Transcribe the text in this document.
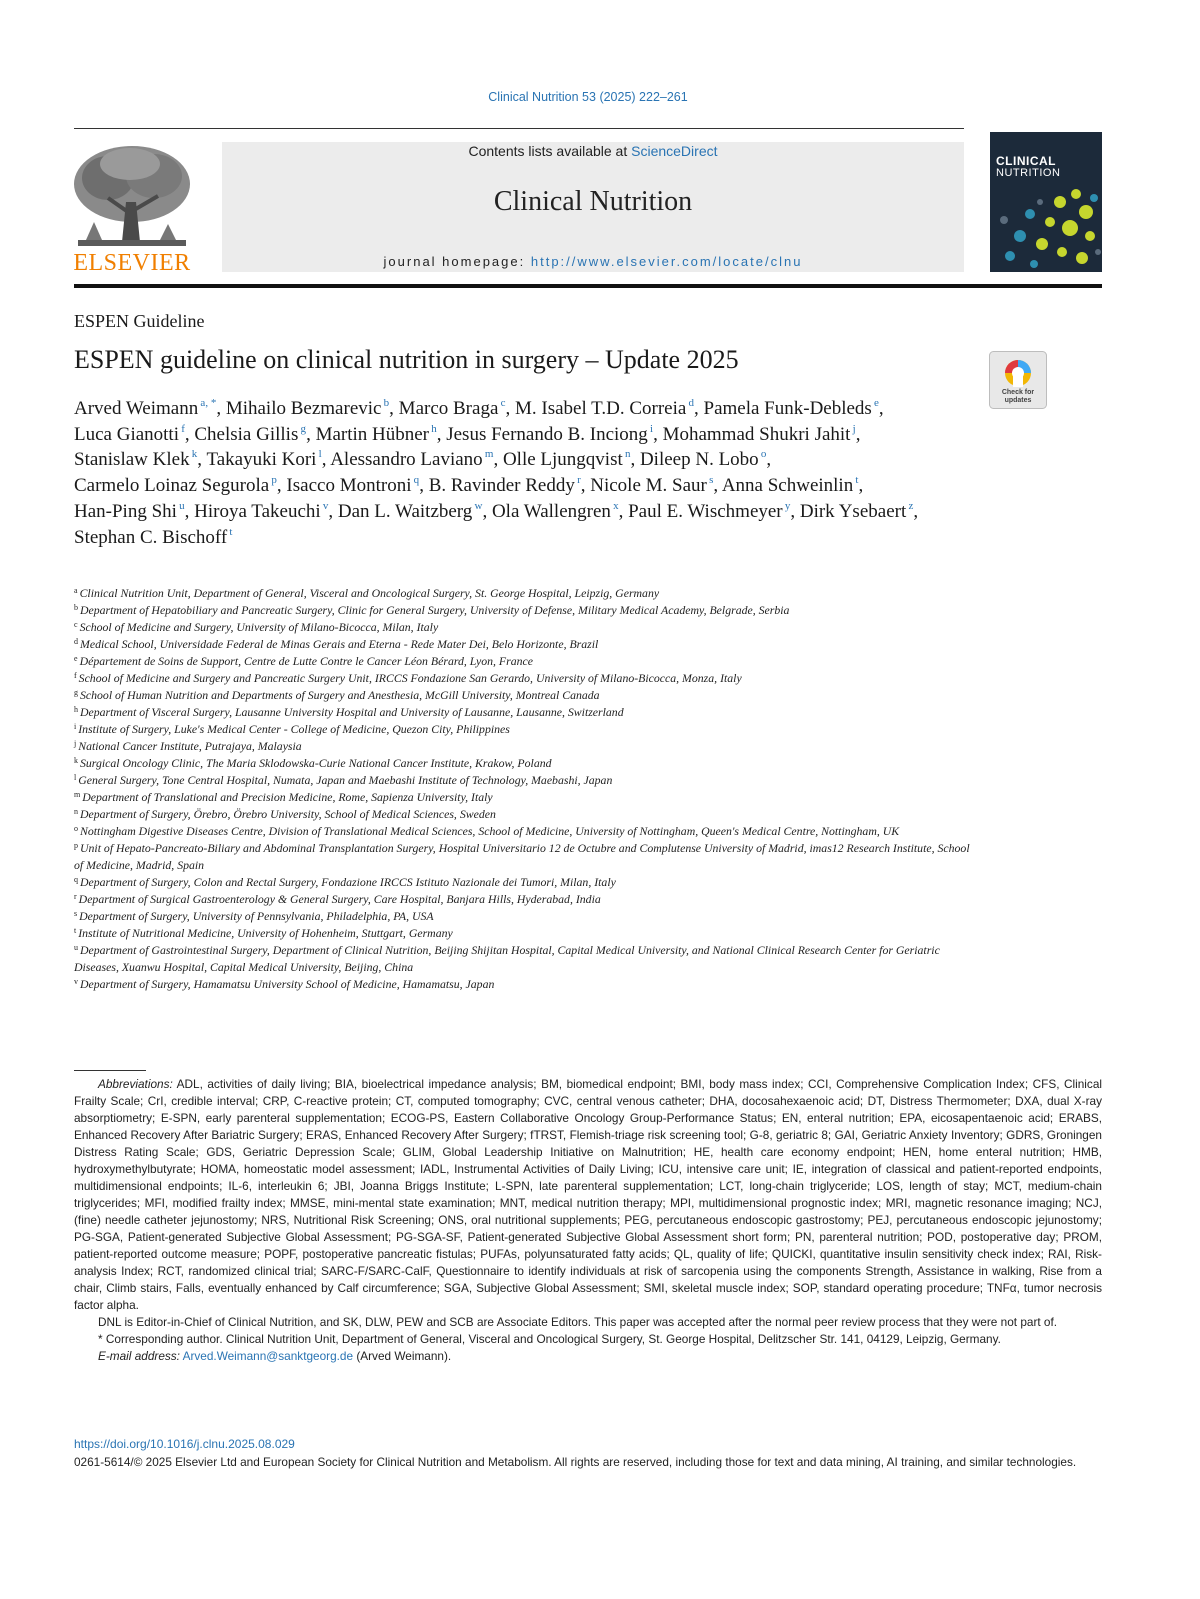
Clinical Nutrition 53 (2025) 222–261
ELSEVIER
Contents lists available at ScienceDirect
Clinical Nutrition
journal homepage: http://www.elsevier.com/locate/clnu
CLINICAL
NUTRITION
ESPEN Guideline
ESPEN guideline on clinical nutrition in surgery – Update 2025
Check for
updates
Arved Weimann $^{a, *}$, Mihailo Bezmarevic $^b$, Marco Braga $^c$, M. Isabel T.D. Correia $^d$, Pamela Funk-Debleds $^e$, Luca Gianotti $^f$, Chelsia Gillis $^g$, Martin Hübner $^h$, Jesus Fernando B. Inciong $^i$, Mohammad Shukri Jahit $^j$, Stanislaw Klek $^k$, Takayuki Kori $^l$, Alessandro Laviano $^m$, Olle Ljungqvist $^n$, Dileep N. Lobo $^o$, Carmelo Loinaz Segurola $^p$, Isacco Montroni $^q$, B. Ravinder Reddy $^r$, Nicole M. Saur $^s$, Anna Schweinlin $^t$, Han-Ping Shi $^u$, Hiroya Takeuchi $^v$, Dan L. Waitzberg $^w$, Ola Wallengren $^x$, Paul E. Wischmeyer $^y$, Dirk Ysebaert $^z$, Stephan C. Bischoff $^t$
$^a$ Clinical Nutrition Unit, Department of General, Visceral and Oncological Surgery, St. George Hospital, Leipzig, Germany
$^b$ Department of Hepatobiliary and Pancreatic Surgery, Clinic for General Surgery, University of Defense, Military Medical Academy, Belgrade, Serbia
$^c$ School of Medicine and Surgery, University of Milano-Bicocca, Milan, Italy
$^d$ Medical School, Universidade Federal de Minas Gerais and Eterna - Rede Mater Dei, Belo Horizonte, Brazil
$^e$ Département de Soins de Support, Centre de Lutte Contre le Cancer Léon Bérard, Lyon, France
$^f$ School of Medicine and Surgery and Pancreatic Surgery Unit, IRCCS Fondazione San Gerardo, University of Milano-Bicocca, Monza, Italy
$^g$ School of Human Nutrition and Departments of Surgery and Anesthesia, McGill University, Montreal Canada
$^h$ Department of Visceral Surgery, Lausanne University Hospital and University of Lausanne, Lausanne, Switzerland
$^i$ Institute of Surgery, Luke's Medical Center - College of Medicine, Quezon City, Philippines
$^j$ National Cancer Institute, Putrajaya, Malaysia
$^k$ Surgical Oncology Clinic, The Maria Sklodowska-Curie National Cancer Institute, Krakow, Poland
$^l$ General Surgery, Tone Central Hospital, Numata, Japan and Maebashi Institute of Technology, Maebashi, Japan
$^m$ Department of Translational and Precision Medicine, Rome, Sapienza University, Italy
$^n$ Department of Surgery, Örebro, Örebro University, School of Medical Sciences, Sweden
$^o$ Nottingham Digestive Diseases Centre, Division of Translational Medical Sciences, School of Medicine, University of Nottingham, Queen's Medical Centre, Nottingham, UK
$^p$ Unit of Hepato-Pancreato-Biliary and Abdominal Transplantation Surgery, Hospital Universitario 12 de Octubre and Complutense University of Madrid, imas12 Research Institute, School of Medicine, Madrid, Spain
$^q$ Department of Surgery, Colon and Rectal Surgery, Fondazione IRCCS Istituto Nazionale dei Tumori, Milan, Italy
$^r$ Department of Surgical Gastroenterology & General Surgery, Care Hospital, Banjara Hills, Hyderabad, India
$^s$ Department of Surgery, University of Pennsylvania, Philadelphia, PA, USA
$^t$ Institute of Nutritional Medicine, University of Hohenheim, Stuttgart, Germany
$^u$ Department of Gastrointestinal Surgery, Department of Clinical Nutrition, Beijing Shijitan Hospital, Capital Medical University, and National Clinical Research Center for Geriatric Diseases, Xuanwu Hospital, Capital Medical University, Beijing, China
$^v$ Department of Surgery, Hamamatsu University School of Medicine, Hamamatsu, Japan

Abbreviations: ADL, activities of daily living; BIA, bioelectrical impedance analysis; BM, biomedical endpoint; BMI, body mass index; CCI, Comprehensive Complication Index; CFS, Clinical Frailty Scale; CrI, credible interval; CRP, C-reactive protein; CT, computed tomography; CVC, central venous catheter; DHA, docosahexaenoic acid; DT, Distress Thermometer; DXA, dual X-ray absorptiometry; E-SPN, early parenteral supplementation; ECOG-PS, Eastern Collaborative Oncology Group-Performance Status; EN, enteral nutrition; EPA, eicosapentaenoic acid; ERABS, Enhanced Recovery After Bariatric Surgery; ERAS, Enhanced Recovery After Surgery; fTRST, Flemish-triage risk screening tool; G-8, geriatric 8; GAI, Geriatric Anxiety Inventory; GDRS, Groningen Distress Rating Scale; GDS, Geriatric Depression Scale; GLIM, Global Leadership Initiative on Malnutrition; HE, health care economy endpoint; HEN, home enteral nutrition; HMB, hydroxymethylbutyrate; HOMA, homeostatic model assessment; IADL, Instrumental Activities of Daily Living; ICU, intensive care unit; IE, integration of classical and patient-reported endpoints, multidimensional endpoints; IL-6, interleukin 6; JBI, Joanna Briggs Institute; L-SPN, late parenteral supplementation; LCT, long-chain triglyceride; LOS, length of stay; MCT, medium-chain triglycerides; MFI, modified frailty index; MMSE, mini-mental state examination; MNT, medical nutrition therapy; MPI, multidimensional prognostic index; MRI, magnetic resonance imaging; NCJ, (fine) needle catheter jejunostomy; NRS, Nutritional Risk Screening; ONS, oral nutritional supplements; PEG, percutaneous endoscopic gastrostomy; PEJ, percutaneous endoscopic jejunostomy; PG-SGA, Patient-generated Subjective Global Assessment; PG-SGA-SF, Patient-generated Subjective Global Assessment short form; PN, parenteral nutrition; POD, postoperative day; PROM, patient-reported outcome measure; POPF, postoperative pancreatic fistulas; PUFAs, polyunsaturated fatty acids; QL, quality of life; QUICKI, quantitative insulin sensitivity check index; RAI, Risk-analysis Index; RCT, randomized clinical trial; SARC-F/SARC-CalF, Questionnaire to identify individuals at risk of sarcopenia using the components Strength, Assistance in walking, Rise from a chair, Climb stairs, Falls, eventually enhanced by Calf circumference; SGA, Subjective Global Assessment; SMI, skeletal muscle index; SOP, standard operating procedure; TNFα, tumor necrosis factor alpha.

DNL is Editor-in-Chief of Clinical Nutrition, and SK, DLW, PEW and SCB are Associate Editors. This paper was accepted after the normal peer review process that they were not part of.

* Corresponding author. Clinical Nutrition Unit, Department of General, Visceral and Oncological Surgery, St. George Hospital, Delitzscher Str. 141, 04129, Leipzig, Germany.

E-mail address: Arved.Weimann@sanktgeorg.de (Arved Weimann).

https://doi.org/10.1016/j.clnu.2025.08.029
0261-5614/© 2025 Elsevier Ltd and European Society for Clinical Nutrition and Metabolism. All rights are reserved, including those for text and data mining, AI training, and similar technologies.
